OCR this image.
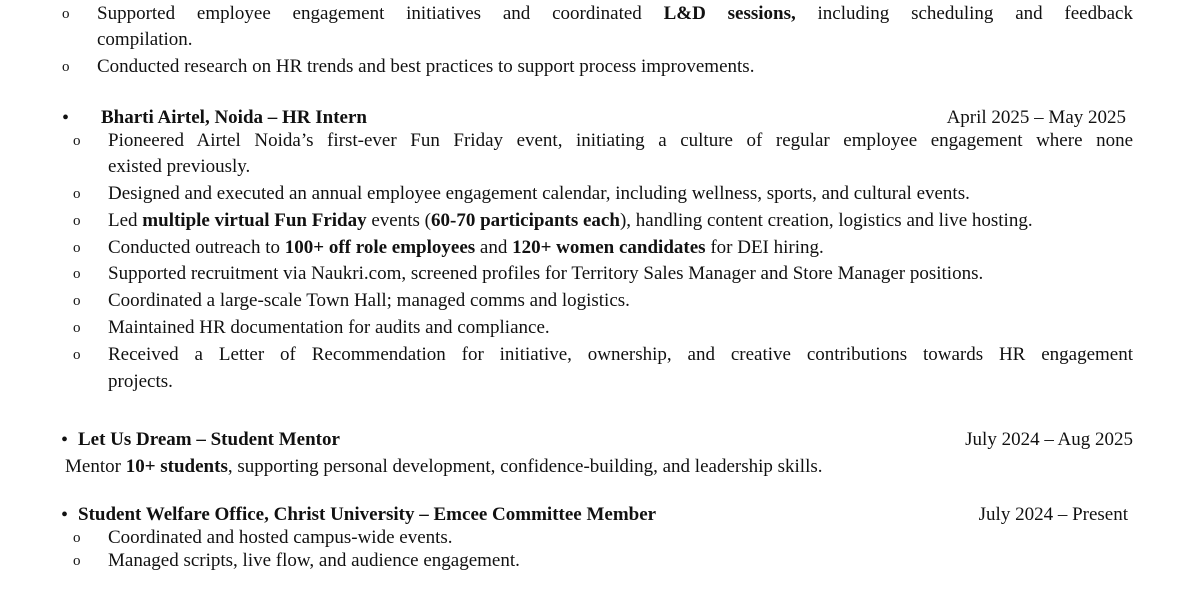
o Supported employee engagement initiatives and coordinated L&D sessions, including scheduling and feedback
compilation.
o Conducted research on HR trends and best practices to support process improvements.
• Bharti Airtel, Noida – HR Intern	April 2025 – May 2025
o Pioneered Airtel Noida’s first-ever Fun Friday event, initiating a culture of regular employee engagement where none
existed previously.
o Designed and executed an annual employee engagement calendar, including wellness, sports, and cultural events.
o Led multiple virtual Fun Friday events (60-70 participants each), handling content creation, logistics and live hosting.
o Conducted outreach to 100+ off role employees and 120+ women candidates for DEI hiring.
o Supported recruitment via Naukri.com, screened profiles for Territory Sales Manager and Store Manager positions.
o Coordinated a large-scale Town Hall; managed comms and logistics.
o Maintained HR documentation for audits and compliance.
o Received a Letter of Recommendation for initiative, ownership, and creative contributions towards HR engagement
projects.
• Let Us Dream – Student Mentor	July 2024 – Aug 2025
Mentor 10+ students, supporting personal development, confidence-building, and leadership skills.
• Student Welfare Office, Christ University – Emcee Committee Member	July 2024 – Present
o Coordinated and hosted campus-wide events.
o Managed scripts, live flow, and audience engagement.
